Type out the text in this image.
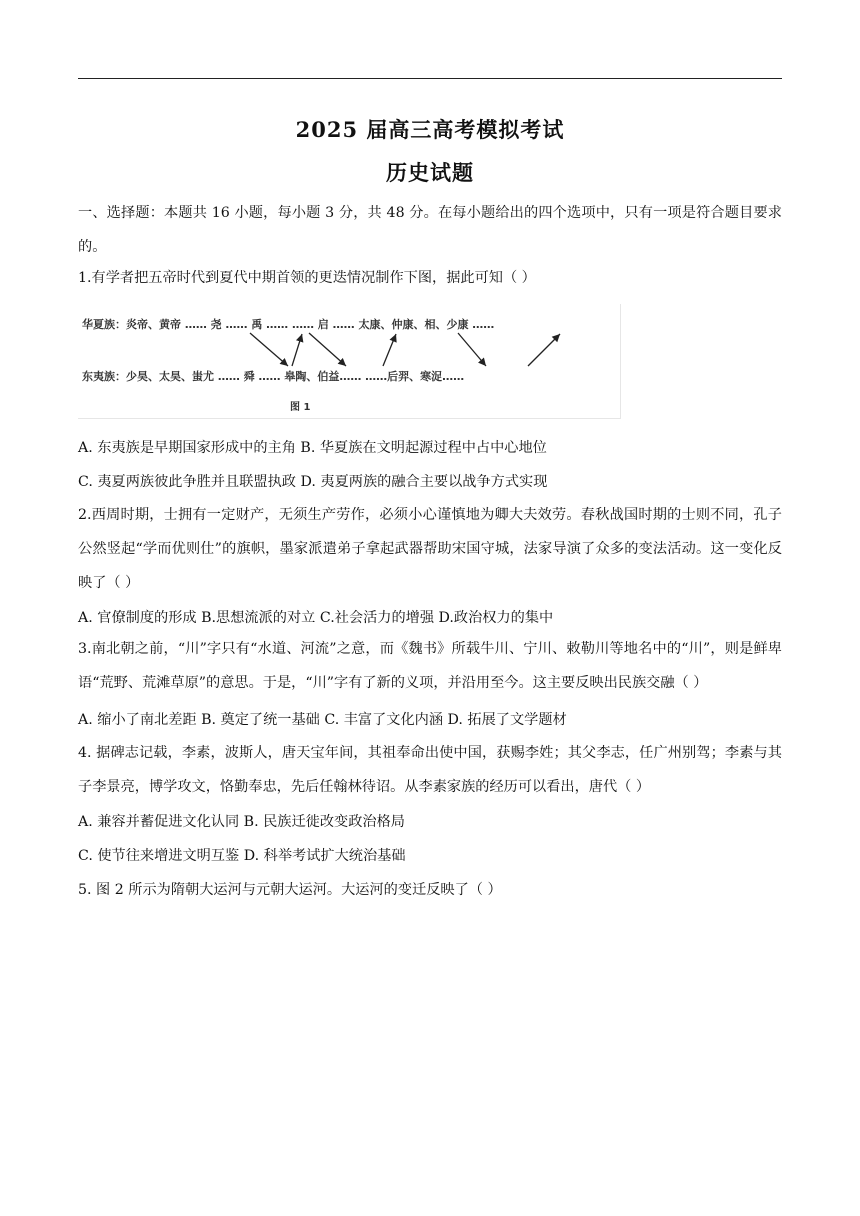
2025 届高三高考模拟考试
历史试题
一、选择题：本题共 16 小题，每小题 3 分，共 48 分。在每小题给出的四个选项中，只有一项是符合题目要求的。
1.有学者把五帝时代到夏代中期首领的更迭情况制作下图，据此可知（ ）
华夏族：炎帝、黄帝 …… 尧 …… 禹 …… …… 启 …… 太康、仲康、相、少康 ……
东夷族：少昊、太昊、蚩尤 …… 舜 …… 皋陶、伯益…… ……后羿、寒浞……
图 1
A. 东夷族是早期国家形成中的主角 B. 华夏族在文明起源过程中占中心地位
C. 夷夏两族彼此争胜并且联盟执政 D. 夷夏两族的融合主要以战争方式实现
2.西周时期，士拥有一定财产，无须生产劳作，必须小心谨慎地为卿大夫效劳。春秋战国时期的士则不同，孔子公然竖起“学而优则仕”的旗帜，墨家派遣弟子拿起武器帮助宋国守城，法家导演了众多的变法活动。这一变化反映了（ ）
A. 官僚制度的形成 B.思想流派的对立 C.社会活力的增强 D.政治权力的集中
3.南北朝之前，“川”字只有“水道、河流”之意，而《魏书》所载牛川、宁川、敕勒川等地名中的“川”，则是鲜卑语“荒野、荒滩草原”的意思。于是，“川”字有了新的义项，并沿用至今。这主要反映出民族交融（ ）
A. 缩小了南北差距 B. 奠定了统一基础 C. 丰富了文化内涵 D. 拓展了文学题材
4. 据碑志记载，李素，波斯人，唐天宝年间，其祖奉命出使中国，获赐李姓；其父李志，任广州别驾；李素与其子李景亮，博学攻文，恪勤奉忠，先后任翰林待诏。从李素家族的经历可以看出，唐代（ ）
A. 兼容并蓄促进文化认同 B. 民族迁徙改变政治格局
C. 使节往来增进文明互鉴 D. 科举考试扩大统治基础
5. 图 2 所示为隋朝大运河与元朝大运河。大运河的变迁反映了（ ）
